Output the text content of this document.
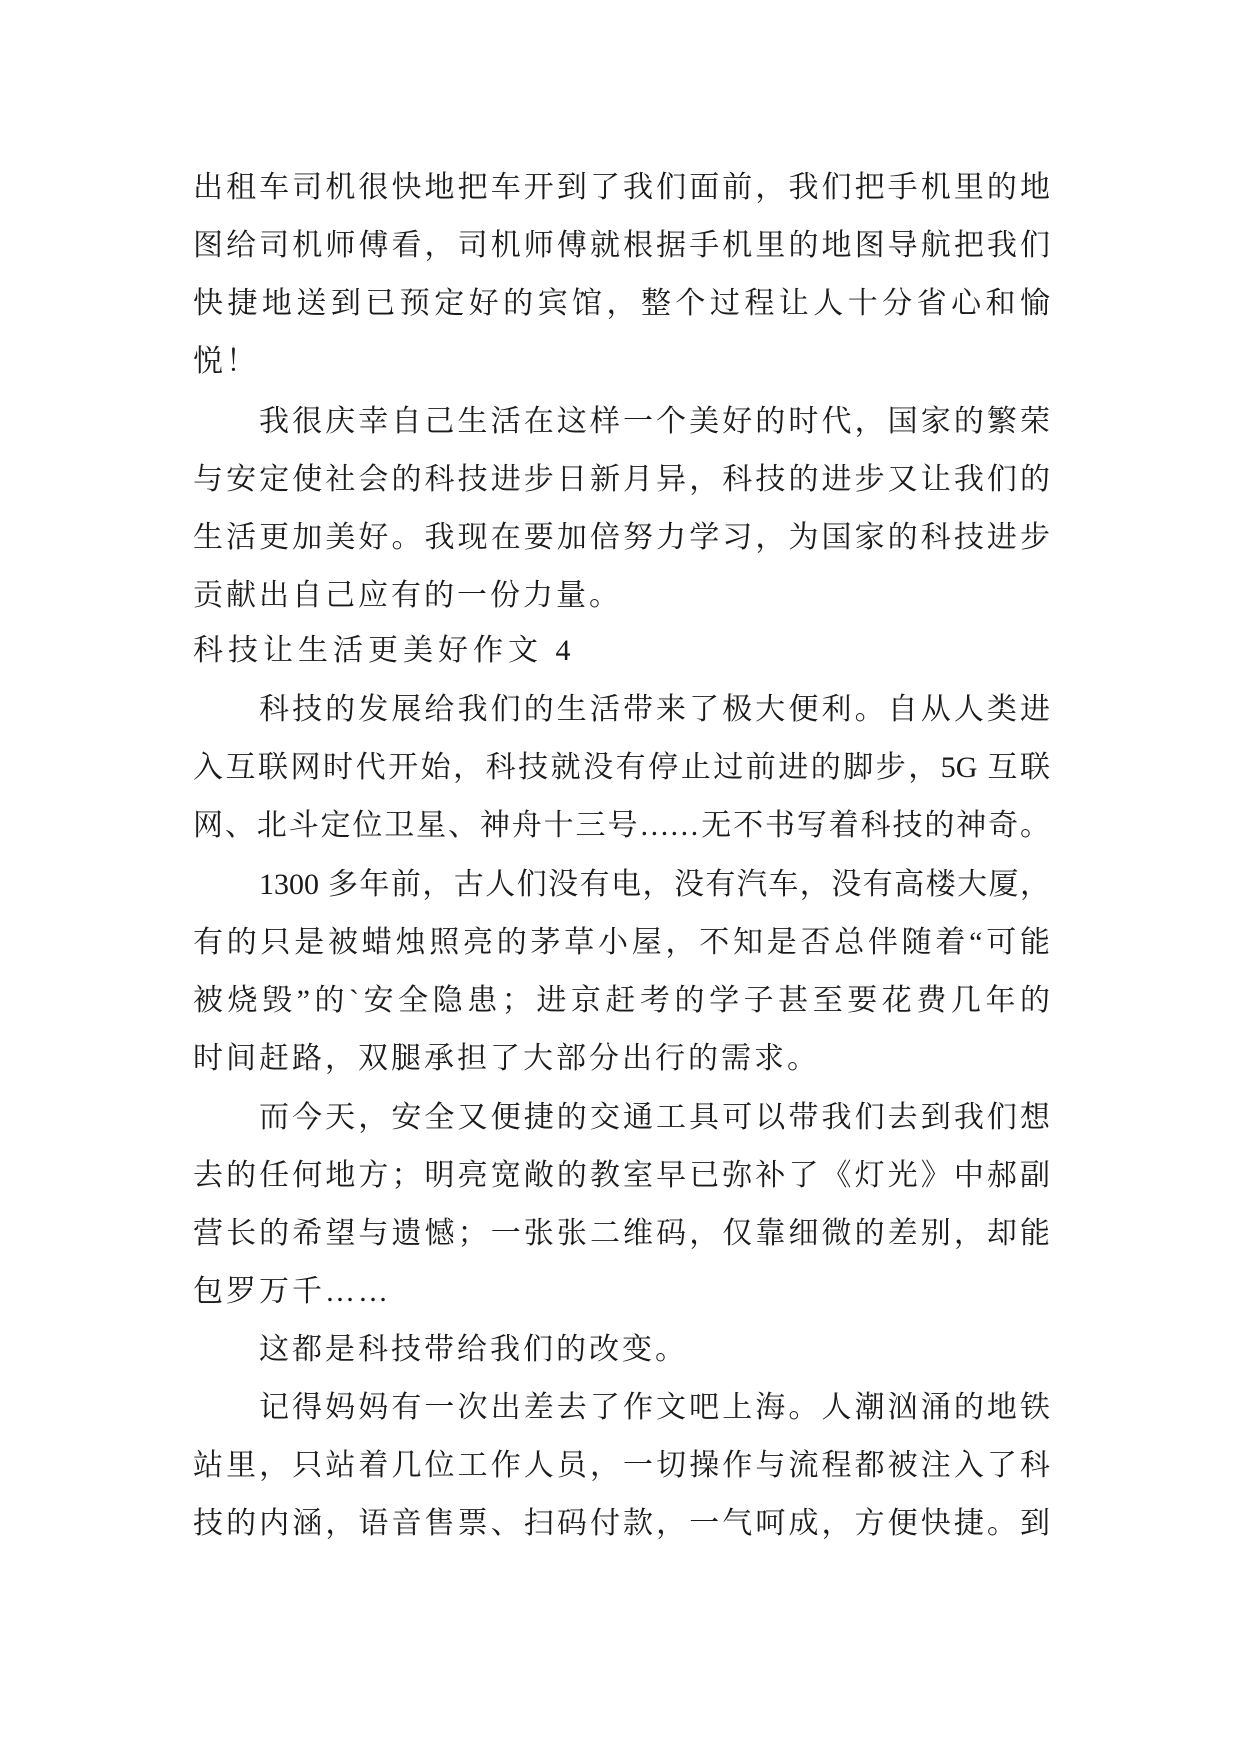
出租车司机很快地把车开到了我们面前，我们把手机里的地
图给司机师傅看，司机师傅就根据手机里的地图导航把我们
快捷地送到已预定好的宾馆，整个过程让人十分省心和愉
悦！
我很庆幸自己生活在这样一个美好的时代，国家的繁荣
与安定使社会的科技进步日新月异，科技的进步又让我们的
生活更加美好。我现在要加倍努力学习，为国家的科技进步
贡献出自己应有的一份力量。
科技让生活更美好作文 4
科技的发展给我们的生活带来了极大便利。自从人类进
入互联网时代开始，科技就没有停止过前进的脚步，5G 互联
网、北斗定位卫星、神舟十三号……无不书写着科技的神奇。
1300 多年前，古人们没有电，没有汽车，没有高楼大厦，
有的只是被蜡烛照亮的茅草小屋，不知是否总伴随着“可能
被烧毁”的`安全隐患；进京赶考的学子甚至要花费几年的
时间赶路，双腿承担了大部分出行的需求。
而今天，安全又便捷的交通工具可以带我们去到我们想
去的任何地方；明亮宽敞的教室早已弥补了《灯光》中郝副
营长的希望与遗憾；一张张二维码，仅靠细微的差别，却能
包罗万千……
这都是科技带给我们的改变。
记得妈妈有一次出差去了作文吧上海。人潮汹涌的地铁
站里，只站着几位工作人员，一切操作与流程都被注入了科
技的内涵，语音售票、扫码付款，一气呵成，方便快捷。到
